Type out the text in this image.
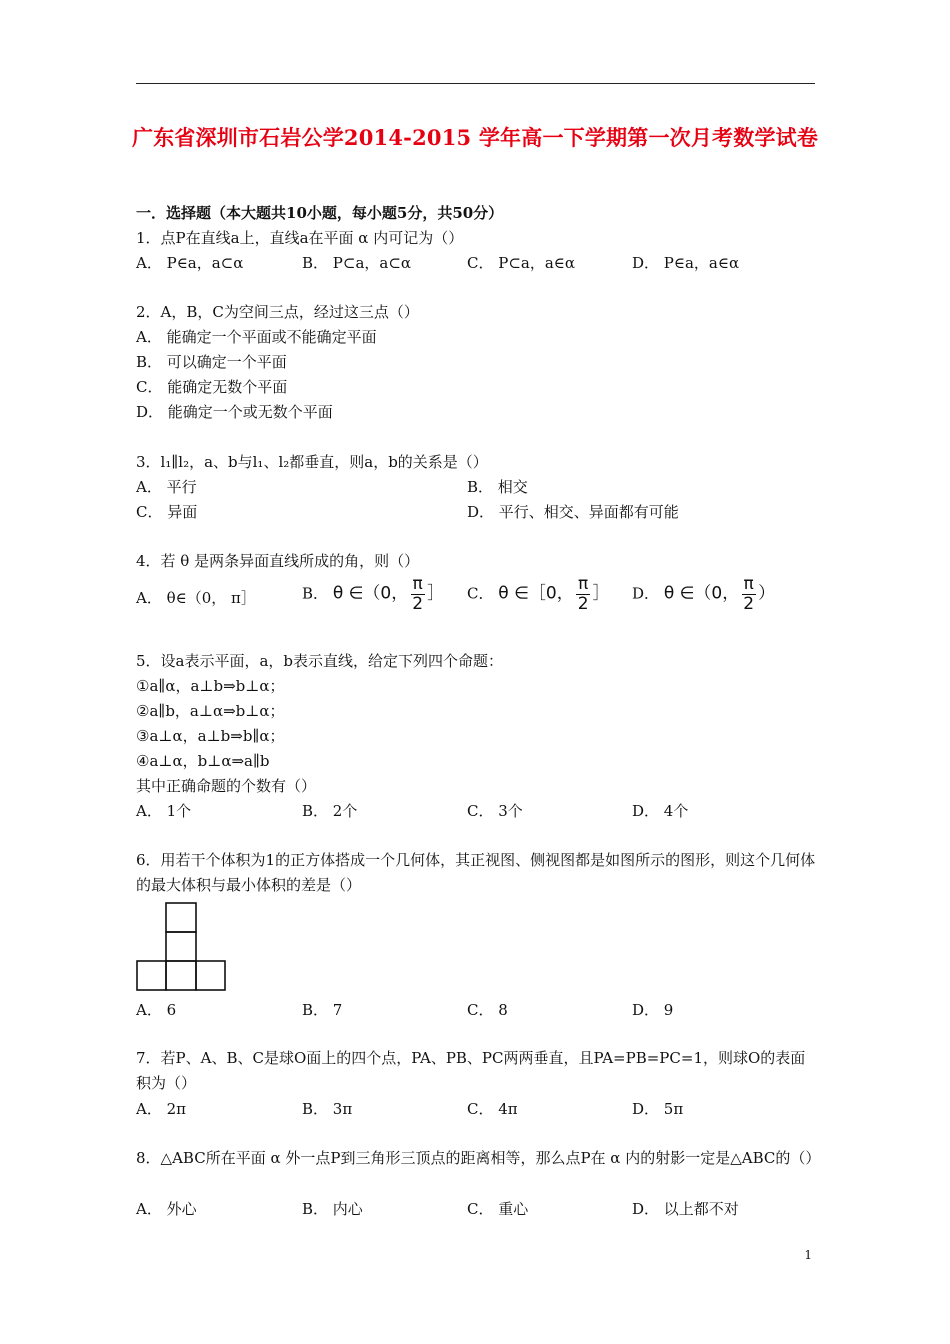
广东省深圳市石岩公学2014-2015 学年高一下学期第一次月考数学试卷
一．选择题（本大题共10小题，每小题5分，共50分）
1．点P在直线a上，直线a在平面 α 内可记为（）
A． P∈a，a⊂α	B． P⊂a，a⊂α	C． P⊂a，a∈α	D． P∈a，a∈α
2．A，B，C为空间三点，经过这三点（）
A． 能确定一个平面或不能确定平面
B． 可以确定一个平面
C． 能确定无数个平面
D． 能确定一个或无数个平面
3．l₁∥l₂，a、b与l₁、l₂都垂直，则a，b的关系是（）
A． 平行	B． 相交
C． 异面	D． 平行、相交、异面都有可能
4．若 θ 是两条异面直线所成的角，则（）
A． θ∈（0， π］	B． θ ∈（0， $\frac{\pi}{2}$ ］ C． θ ∈［0， $\frac{\pi}{2}$ ］ D． θ ∈（0， $\frac{\pi}{2}$ ）
5．设a表示平面，a，b表示直线，给定下列四个命题：
①a∥α，a⊥b⇒b⊥α；
②a∥b，a⊥α⇒b⊥α；
③a⊥α，a⊥b⇒b∥α；
④a⊥α，b⊥α⇒a∥b
其中正确命题的个数有（）
A． 1个	B． 2个	C． 3个	D． 4个
6．用若干个体积为1的正方体搭成一个几何体，其正视图、侧视图都是如图所示的图形，则这个几何体的最大体积与最小体积的差是（）
A． 6	B． 7	C． 8	D． 9
7．若P、A、B、C是球O面上的四个点，PA、PB、PC两两垂直，且PA=PB=PC=1，则球O的表面积为（）
A． 2π	B． 3π	C． 4π	D． 5π
8．△ABC所在平面 α 外一点P到三角形三顶点的距离相等，那么点P在 α 内的射影一定是△ABC的（）
A． 外心	B． 内心	C． 重心	D． 以上都不对
1
